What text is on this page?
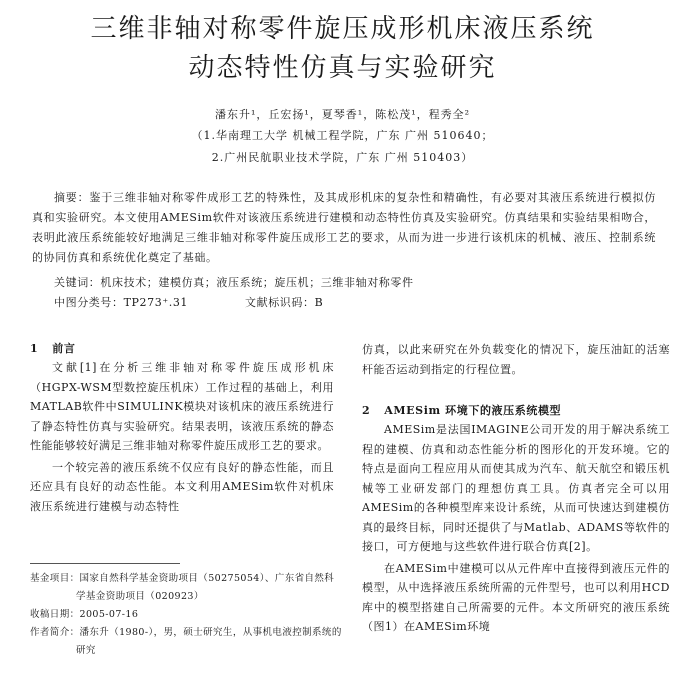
三维非轴对称零件旋压成形机床液压系统
动态特性仿真与实验研究
潘东升¹，丘宏扬¹，夏琴香¹，陈松茂¹，程秀全²
（1.华南理工大学 机械工程学院，广东 广州 510640；
2.广州民航职业技术学院，广东 广州 510403）
摘要：鉴于三维非轴对称零件成形工艺的特殊性，及其成形机床的复杂性和精确性，有必要对其液压系统进行模拟仿真和实验研究。本文使用AMESim软件对该液压系统进行建模和动态特性仿真及实验研究。仿真结果和实验结果相吻合，表明此液压系统能较好地满足三维非轴对称零件旋压成形工艺的要求，从而为进一步进行该机床的机械、液压、控制系统的协同仿真和系统优化奠定了基础。
关键词：机床技术；建模仿真；液压系统；旋压机；三维非轴对称零件
中图分类号：TP273⁺.31	文献标识码：B
1 前言

文献[1]在分析三维非轴对称零件旋压成形机床（HGPX-WSM型数控旋压机床）工作过程的基础上，利用MATLAB软件中SIMULINK模块对该机床的液压系统进行了静态特性仿真与实验研究。结果表明，该液压系统的静态性能能够较好满足三维非轴对称零件旋压成形工艺的要求。

一个较完善的液压系统不仅应有良好的静态性能，而且还应具有良好的动态性能。本文利用AMESim软件对机床液压系统进行建模与动态特性

基金项目：国家自然科学基金资助项目（50275054）、广东省自然科
学基金资助项目（020923）
收稿日期：2005-07-16
作者简介：潘东升（1980-），男，硕士研究生，从事机电液控制系统的
研究

仿真，以此来研究在外负载变化的情况下，旋压油缸的活塞杆能否运动到指定的行程位置。

2 AMESim 环境下的液压系统模型

AMESim是法国IMAGINE公司开发的用于解决系统工程的建模、仿真和动态性能分析的图形化的开发环境。它的特点是面向工程应用从而使其成为汽车、航天航空和锻压机械等工业研发部门的理想仿真工具。仿真者完全可以用AMESim的各种模型库来设计系统，从而可快速达到建模仿真的最终目标，同时还提供了与Matlab、ADAMS等软件的接口，可方便地与这些软件进行联合仿真[2]。

在AMESim中建模可以从元件库中直接得到液压元件的模型，从中选择液压系统所需的元件型号，也可以利用HCD库中的模型搭建自己所需要的元件。本文所研究的液压系统（图1）在AMESim环境
